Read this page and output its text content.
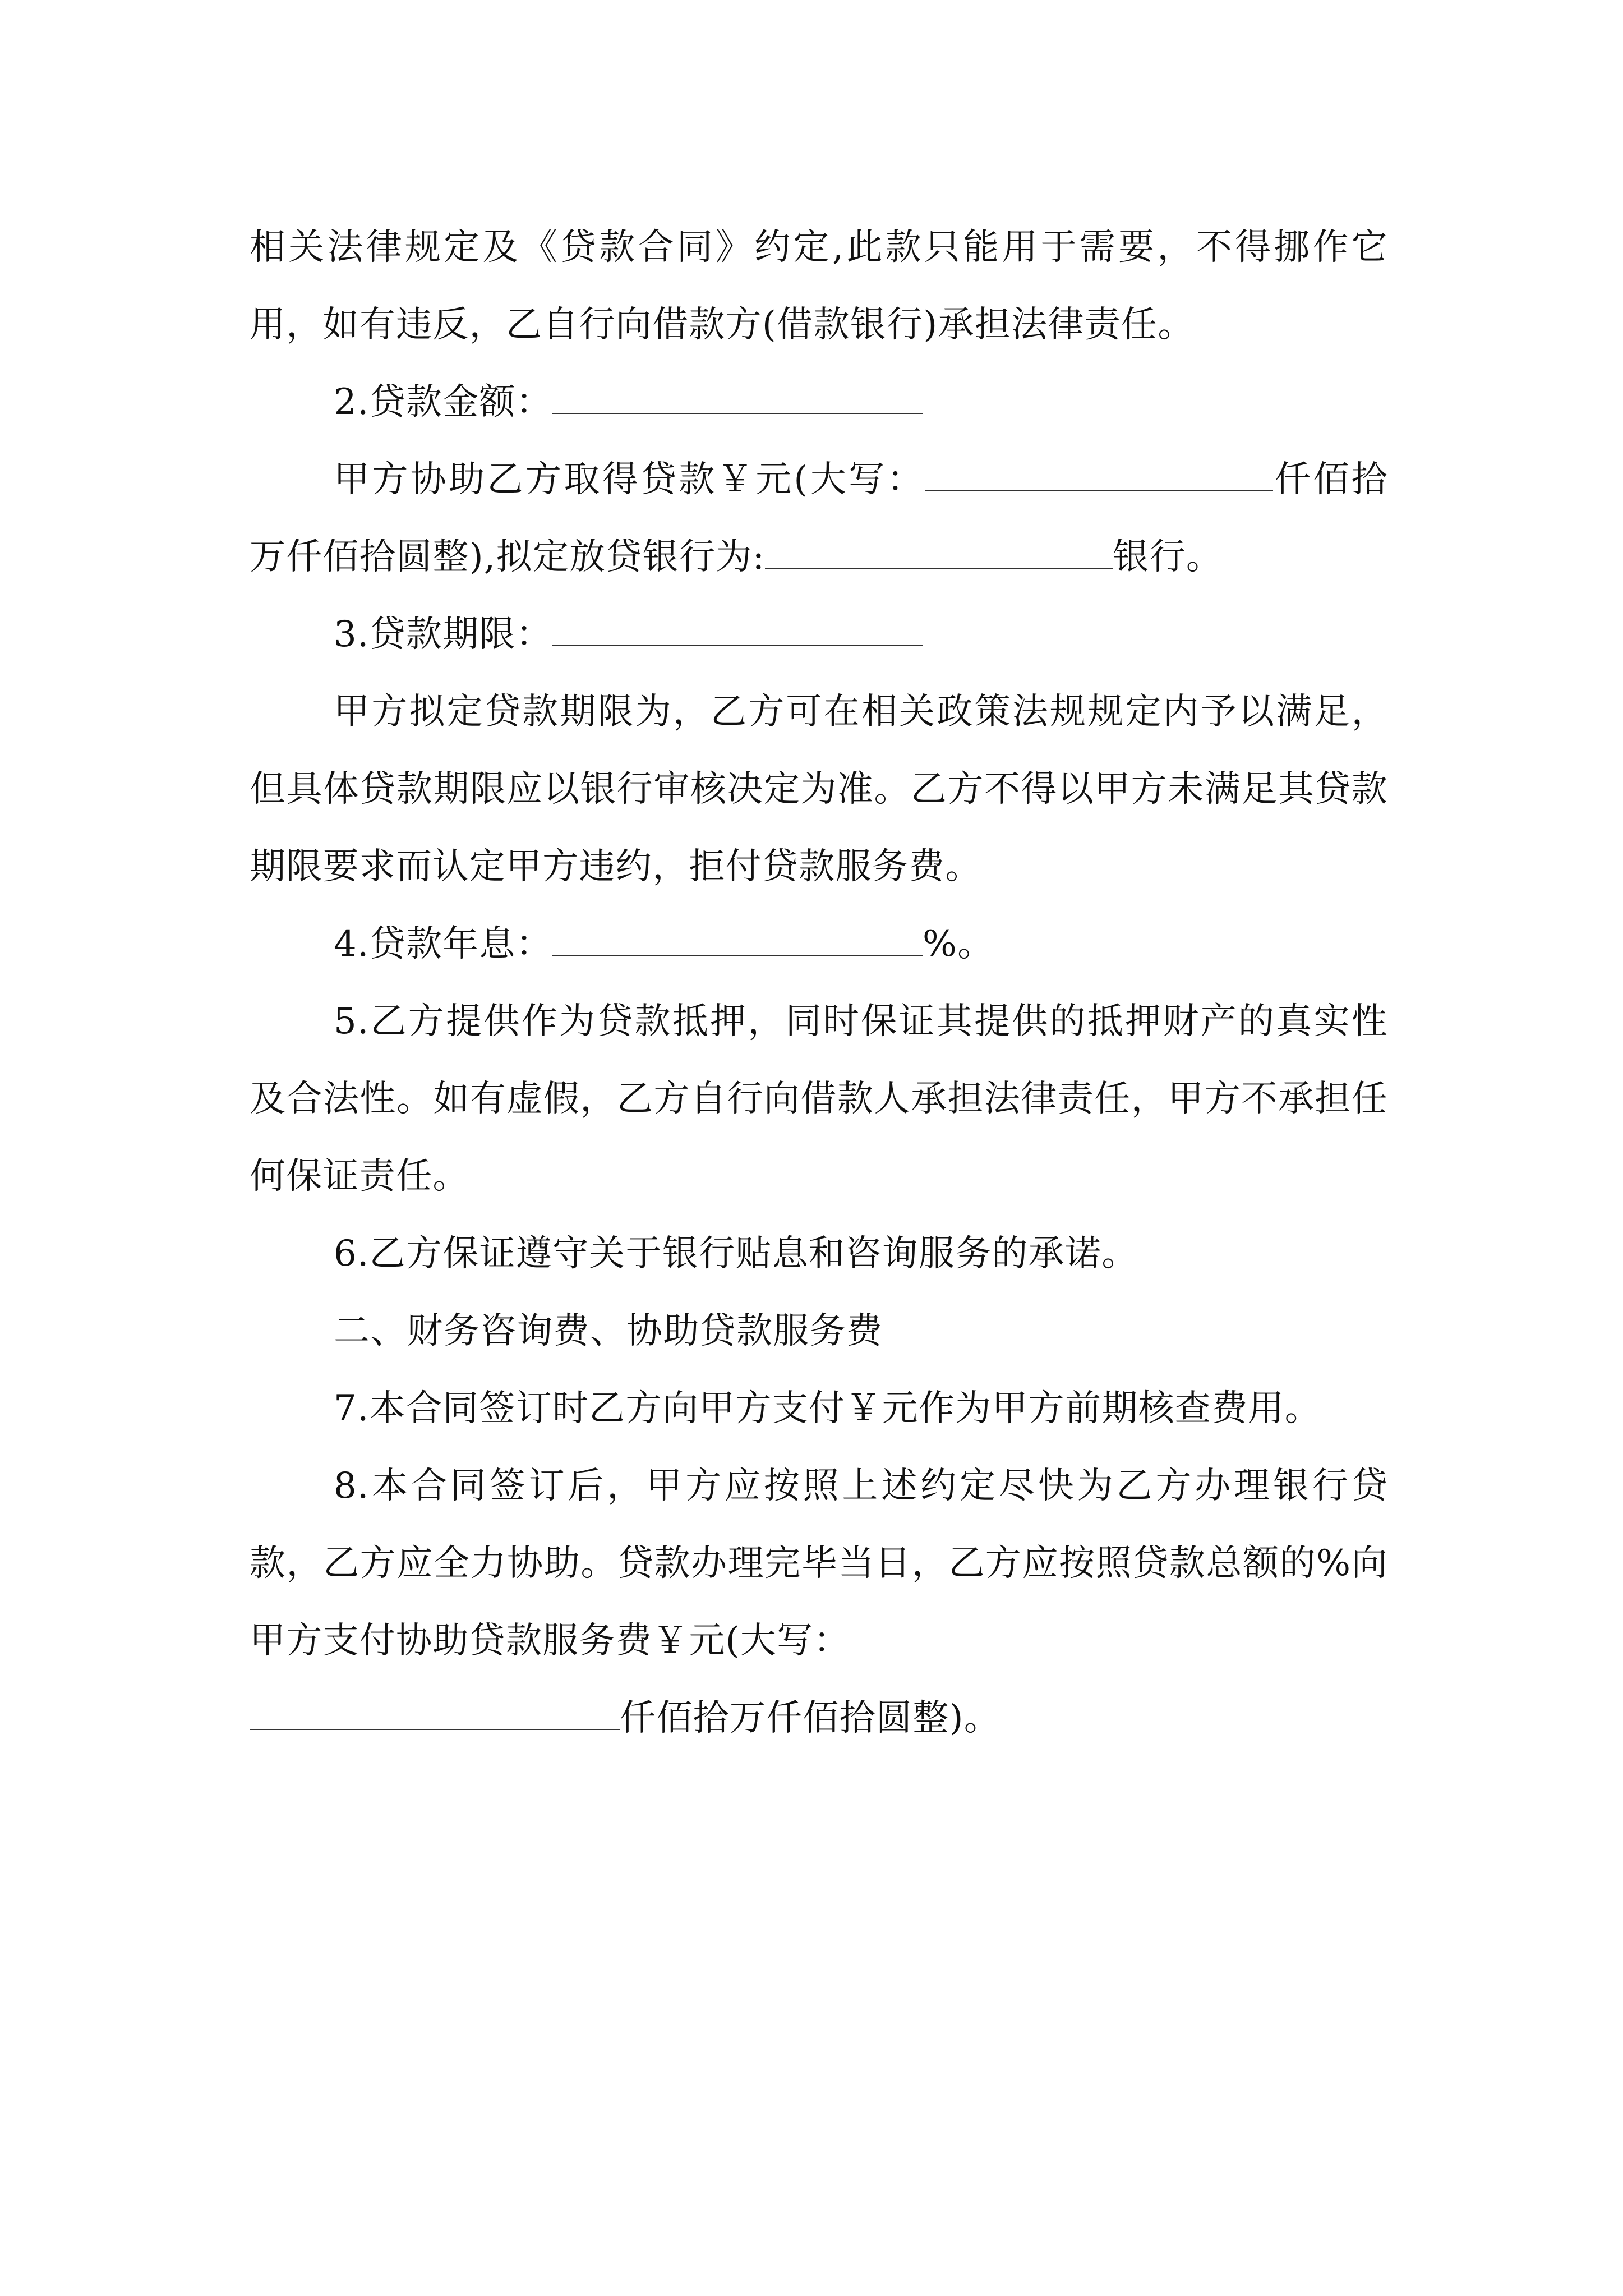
相关法律规定及《贷款合同》约定,此款只能用于需要，不得挪作它用，如有违反，乙自行向借款方(借款银行)承担法律责任。

2.贷款金额：

甲方协助乙方取得贷款￥元(大写：	仟佰拾万仟佰拾圆整),拟定放贷银行为:	银行。

3.贷款期限：

甲方拟定贷款期限为，乙方可在相关政策法规规定内予以满足，但具体贷款期限应以银行审核决定为准。乙方不得以甲方未满足其贷款期限要求而认定甲方违约，拒付贷款服务费。

4.贷款年息：	%。

5.乙方提供作为贷款抵押，同时保证其提供的抵押财产的真实性及合法性。如有虚假，乙方自行向借款人承担法律责任，甲方不承担任何保证责任。

6.乙方保证遵守关于银行贴息和咨询服务的承诺。

二、财务咨询费、协助贷款服务费

7.本合同签订时乙方向甲方支付￥元作为甲方前期核查费用。

8.本合同签订后，甲方应按照上述约定尽快为乙方办理银行贷款，乙方应全力协助。贷款办理完毕当日，乙方应按照贷款总额的%向甲方支付协助贷款服务费￥元(大写：

仟佰拾万仟佰拾圆整)。
